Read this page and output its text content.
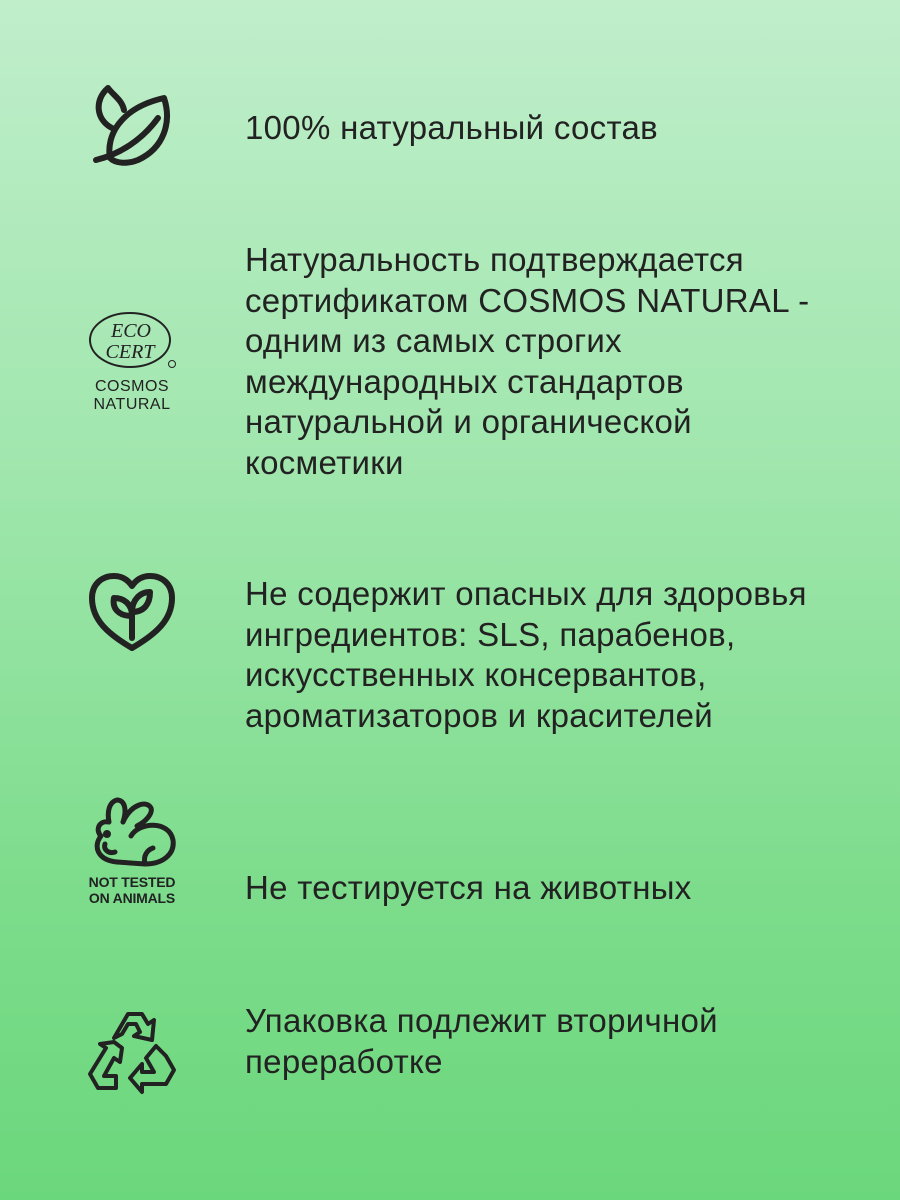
100% натуральный состав

ECO
CERT
COSMOS
NATURAL

Натуральность подтверждается сертификатом COSMOS NATURAL - одним из самых строгих международных стандартов натуральной и органической косметики

Не содержит опасных для здоровья ингредиентов: SLS, парабенов, искусственных консервантов, ароматизаторов и красителей

NOT TESTED
ON ANIMALS Не тестируется на животных

Упаковка подлежит вторичной переработке
